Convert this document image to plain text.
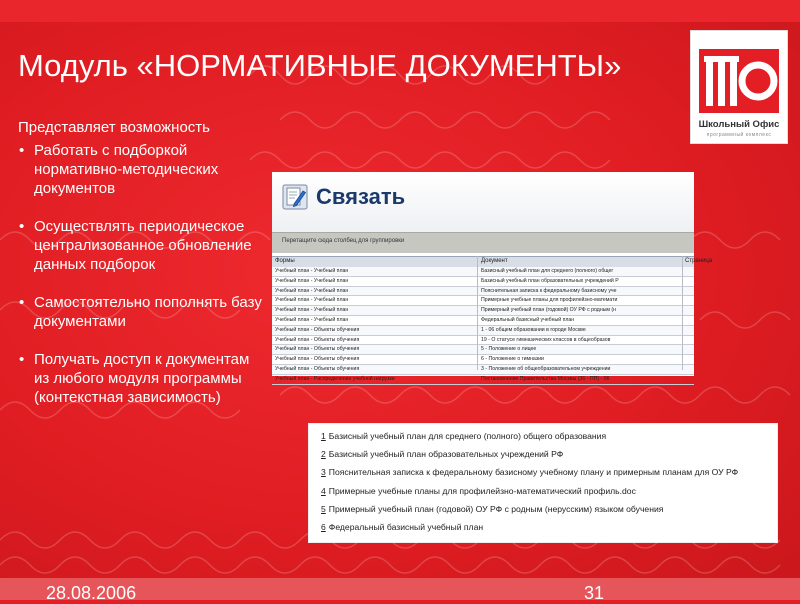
Модуль «НОРМАТИВНЫЕ ДОКУМЕНТЫ»
Школьный Офис
программный комплекс
Представляет возможность
• Работать с подборкой нормативно-методических документов
• Осуществлять периодическое централизованное обновление данных подборок
• Самостоятельно пополнять базу документами
• Получать доступ к документам из любого модуля программы (контекстная зависимость)
Связать
Перетащите сюда столбец для группировки
Формы	Документ	Страница
Учебный план - Учебный план	Базисный учебный план для среднего (полного) общег
Учебный план - Учебный план	Базисный учебный план образовательных учреждений Р
Учебный план - Учебный план	Пояснительная записка к федеральному базисному уче
Учебный план - Учебный план	Примерные учебные планы для профилейзно-математи
Учебный план - Учебный план	Примерный учебный план (годовой) ОУ РФ с родным (н
Учебный план - Учебный план	Федеральный базисный учебный план
Учебный план - Объекты обучения	1 - 06 общем образовании в городе Москве
Учебный план - Объекты обучения	19 - О статусе гимназических классов в общеобразов
Учебный план - Объекты обучения	5 - Положение о лицее
Учебный план - Объекты обучения	6 - Положение о гимназии
Учебный план - Объекты обучения	3 - Положение об общеобразовательном учреждении
Учебный план - Распределение учебной нагрузки	Постановление Правительства Москвы (36 - ПП) - 06
1 Базисный учебный план для среднего (полного) общего образования
2 Базисный учебный план образовательных учреждений РФ
3 Пояснительная записка к федеральному базисному учебному плану и примерным планам для ОУ РФ
4 Примерные учебные планы для профилейзно-математический профиль.doc
5 Примерный учебный план (годовой) ОУ РФ с родным (нерусским) языком обучения
6 Федеральный базисный учебный план
28.08.2006	31
